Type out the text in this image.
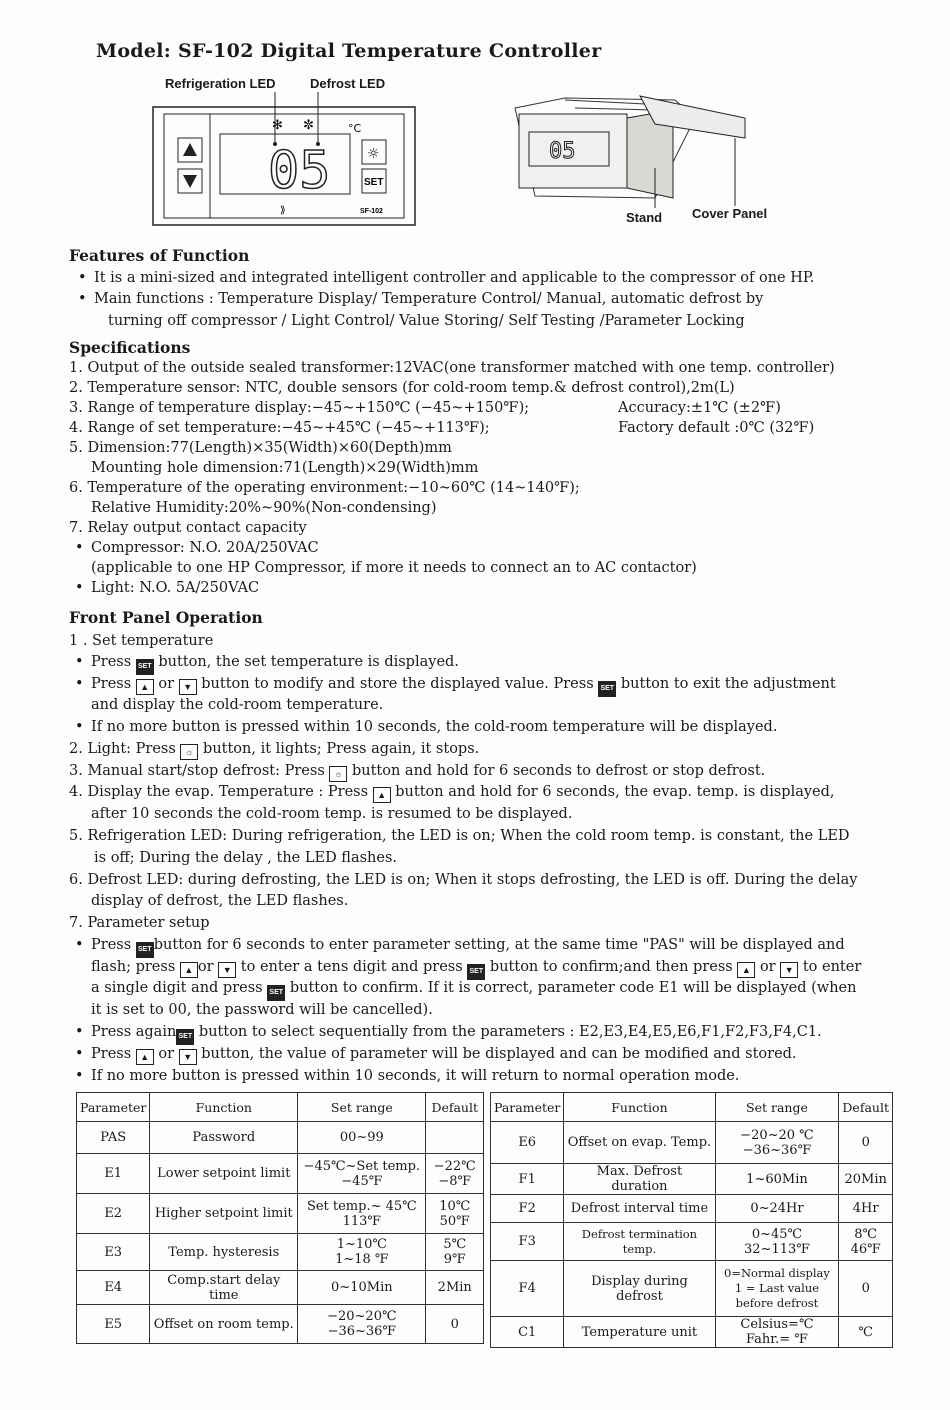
Model: SF-102 Digital Temperature Controller
Refrigeration LED	Defrost LED
✻ ✼
05
°C
☼
SET
⟫	SF-102
05
Stand Cover Panel
Features of Function
• It is a mini-sized and integrated intelligent controller and applicable to the compressor of one HP.
• Main functions : Temperature Display/ Temperature Control/ Manual, automatic defrost by
turning off compressor / Light Control/ Value Storing/ Self Testing /Parameter Locking
Specifications
1. Output of the outside sealed transformer:12VAC(one transformer matched with one temp. controller)
2. Temperature sensor: NTC, double sensors (for cold-room temp.& defrost control),2m(L)
3. Range of temperature display:−45~+150℃ (−45~+150℉);	Accuracy:±1℃ (±2℉)
4. Range of set temperature:−45~+45℃ (−45~+113℉);	Factory default :0℃ (32℉)
5. Dimension:77(Length)×35(Width)×60(Depth)mm
Mounting hole dimension:71(Length)×29(Width)mm
6. Temperature of the operating environment:−10~60℃ (14~140℉);
Relative Humidity:20%~90%(Non-condensing)
7. Relay output contact capacity
• Compressor: N.O. 20A/250VAC
(applicable to one HP Compressor, if more it needs to connect an to AC contactor)
• Light: N.O. 5A/250VAC
Front Panel Operation
1 . Set temperature
• Press SET button, the set temperature is displayed.
• Press ▲ or ▼ button to modify and store the displayed value. Press SET button to exit the adjustment
and display the cold-room temperature.
• If no more button is pressed within 10 seconds, the cold-room temperature will be displayed.
2. Light: Press ☼ button, it lights; Press again, it stops.
3. Manual start/stop defrost: Press ☼ button and hold for 6 seconds to defrost or stop defrost.
4. Display the evap. Temperature : Press ▲ button and hold for 6 seconds, the evap. temp. is displayed,
after 10 seconds the cold-room temp. is resumed to be displayed.
5. Refrigeration LED: During refrigeration, the LED is on; When the cold room temp. is constant, the LED
is off; During the delay , the LED flashes.
6. Defrost LED: during defrosting, the LED is on; When it stops defrosting, the LED is off. During the delay
display of defrost, the LED flashes.
7. Parameter setup
• Press SET button for 6 seconds to enter parameter setting, at the same time "PAS" will be displayed and
flash; press ▲ or ▼ to enter a tens digit and press SET button to confirm;and then press ▲ or ▼ to enter
a single digit and press SET button to confirm. If it is correct, parameter code E1 will be displayed (when
it is set to 00, the password will be cancelled).
• Press again SET button to select sequentially from the parameters : E2,E3,E4,E5,E6,F1,F2,F3,F4,C1.
• Press ▲ or ▼ button, the value of parameter will be displayed and can be modified and stored.
• If no more button is pressed within 10 seconds, it will return to normal operation mode.
Parameter	Function	Set range	Default
PAS	Password	00~99	
E1	Lower setpoint limit	−45℃~Set temp.
−45℉	−22℃
−8℉
E2	Higher setpoint limit	Set temp.~ 45℃
113℉	10℃
50℉
E3	Temp. hysteresis	1~10℃
1~18 ℉	5℃
9℉
E4	Comp.start delay time	0~10Min	2Min
E5	Offset on room temp.	−20~20℃
−36~36℉	0
Parameter	Function	Set range	Default
E6	Offset on evap. Temp.	−20~20 ℃
−36~36℉	0
F1	Max. Defrost duration	1~60Min	20Min
F2	Defrost interval time	0~24Hr	4Hr
F3	Defrost termination temp.	0~45℃
32~113℉	8℃
46℉
F4	Display during defrost	0=Normal display
1 = Last value
before defrost	0
C1	Temperature unit	Celsius=℃ Fahr.= ℉	℃
